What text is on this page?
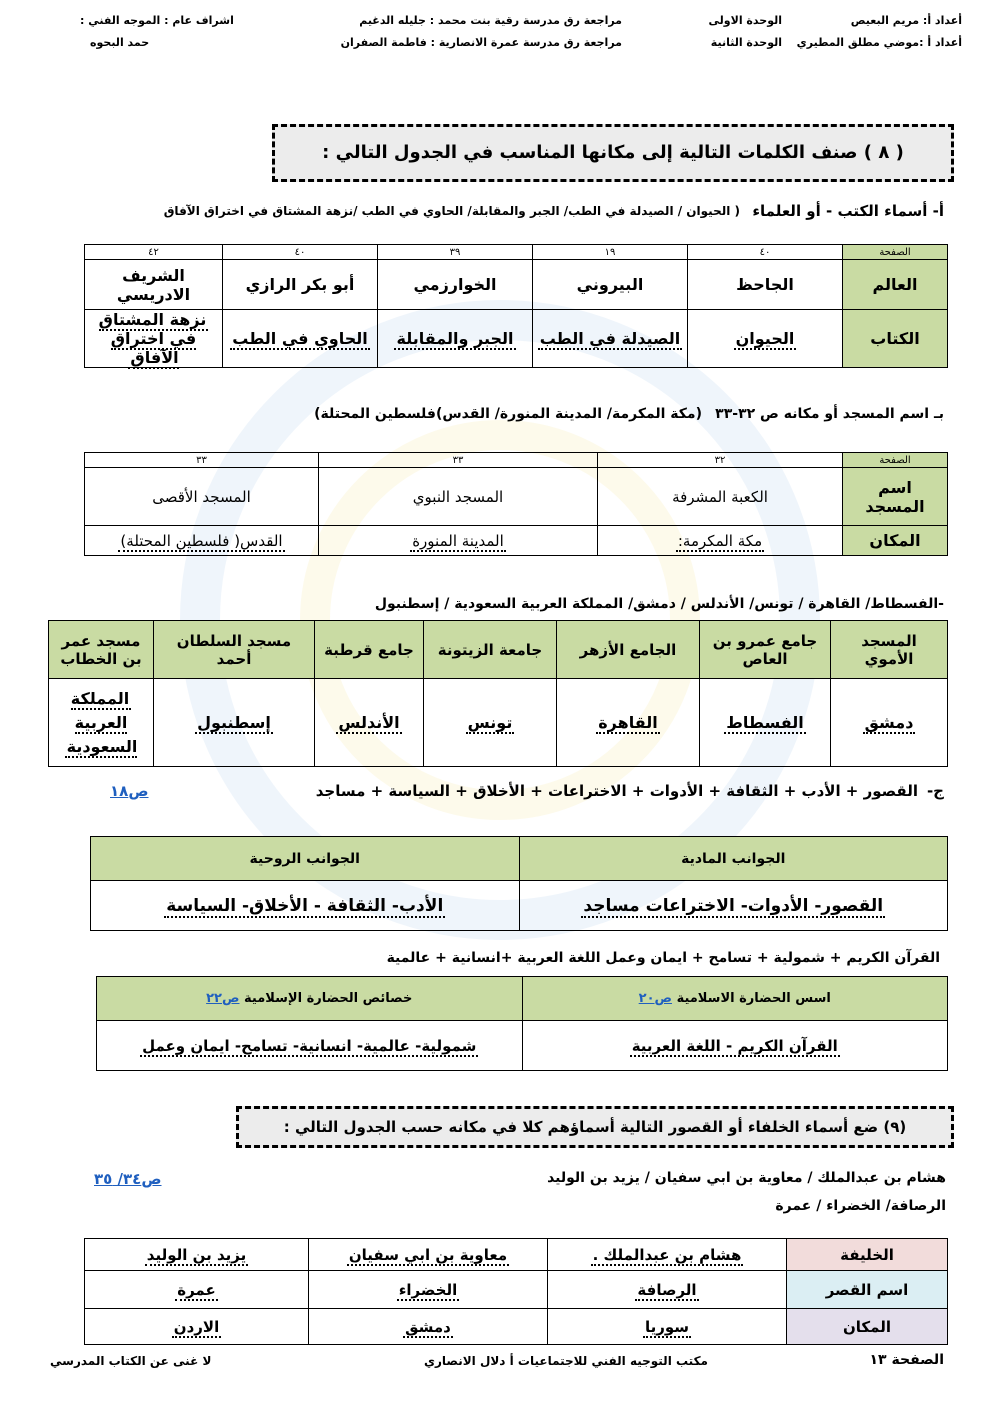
أعداد أ: مريم البعيص
الوحدة الاولى
مراجعة رق مدرسة رقية بنت محمد : جليله الدغيم
اشراف عام : الموجه الفني :
أعداد أ :موضي مطلق المطيري
الوحدة الثانية
مراجعة رق مدرسة عمرة الانصارية : فاطمة الصفران
حمد البحوه
( ٨ ) صنف الكلمات التالية إلى مكانها المناسب في الجدول التالي :
أ- أسماء الكتب - أو العلماء
( الحيوان / الصيدلة في الطب/ الجبر والمقابلة/ الحاوي في الطب /نزهة المشتاق في اختراق الآفاق
الصفحة	٤٠	١٩	٣٩	٤٠	٤٢
العالم	الجاحظ	البيروني	الخوارزمي	أبو بكر الرازي	الشريف الادريسي
الكتاب	الحيوان	الصيدلة في الطب	الجبر والمقابلة	الحاوي في الطب	نزهة المشتاق في اختراق الآفاق
بـ اسم المسجد أو مكانه ص ٣٢-٣٣
(مكة المكرمة/ المدينة المنورة/ القدس)فلسطين المحتلة)
الصفحة	٣٢	٣٣	٣٣
اسم المسجد	الكعبة المشرفة	المسجد النبوي	المسجد الأقصى
المكان	مكة المكرمة:	المدينة المنورة	القدس( فلسطين المحتلة)
-الفسطاط/ القاهرة / تونس/ الأندلس / دمشق/ المملكة العربية السعودية / إسطنبول
المسجد الأموي	جامع عمرو بن العاص	الجامع الأزهر	جامعة الزيتونة	جامع قرطبة	مسجد السلطان أحمد	مسجد عمر بن الخطاب
دمشق	الفسطاط	القاهرة	تونس	الأندلس	إسطنبول	المملكة العربية السعودية
ج-
القصور + الأدب + الثقافة + الأدوات + الاختراعات + الأخلاق + السياسة + مساجد
ص١٨
الجوانب المادية	الجوانب الروحية
القصور- الأدوات- الاختراعات مساجد	الأدب- الثقافة - الأخلاق- السياسة
القرآن الكريم + شمولية + تسامح + ايمان وعمل اللغة العربية +انسانية + عالمية
اسس الحضارة الاسلامية ص٢٠	خصائص الحضارة الإسلامية ص٢٢
القرآن الكريم - اللغة العربية	شمولية- عالمية- انسانية- تسامح- ايمان وعمل
(٩) ضع أسماء الخلفاء أو القصور التالية أسماؤهم كلا في مكانه حسب الجدول التالي :
هشام بن عبدالملك / معاوية بن ابي سفيان / يزيد بن الوليد
ص٣٤/ ٣٥
الرصافة/ الخضراء / عمرة
الخليفة	هشام بن عبدالملك .	معاوية بن ابي سفيان	يزيد بن الوليد
اسم القصر	الرصافة	الخضراء	عمرة
المكان	سوريا	دمشق	الاردن
الصفحة ١٣
مكتب التوجيه الفني للاجتماعيات أ دلال الانصاري
لا غنى عن الكتاب المدرسي
